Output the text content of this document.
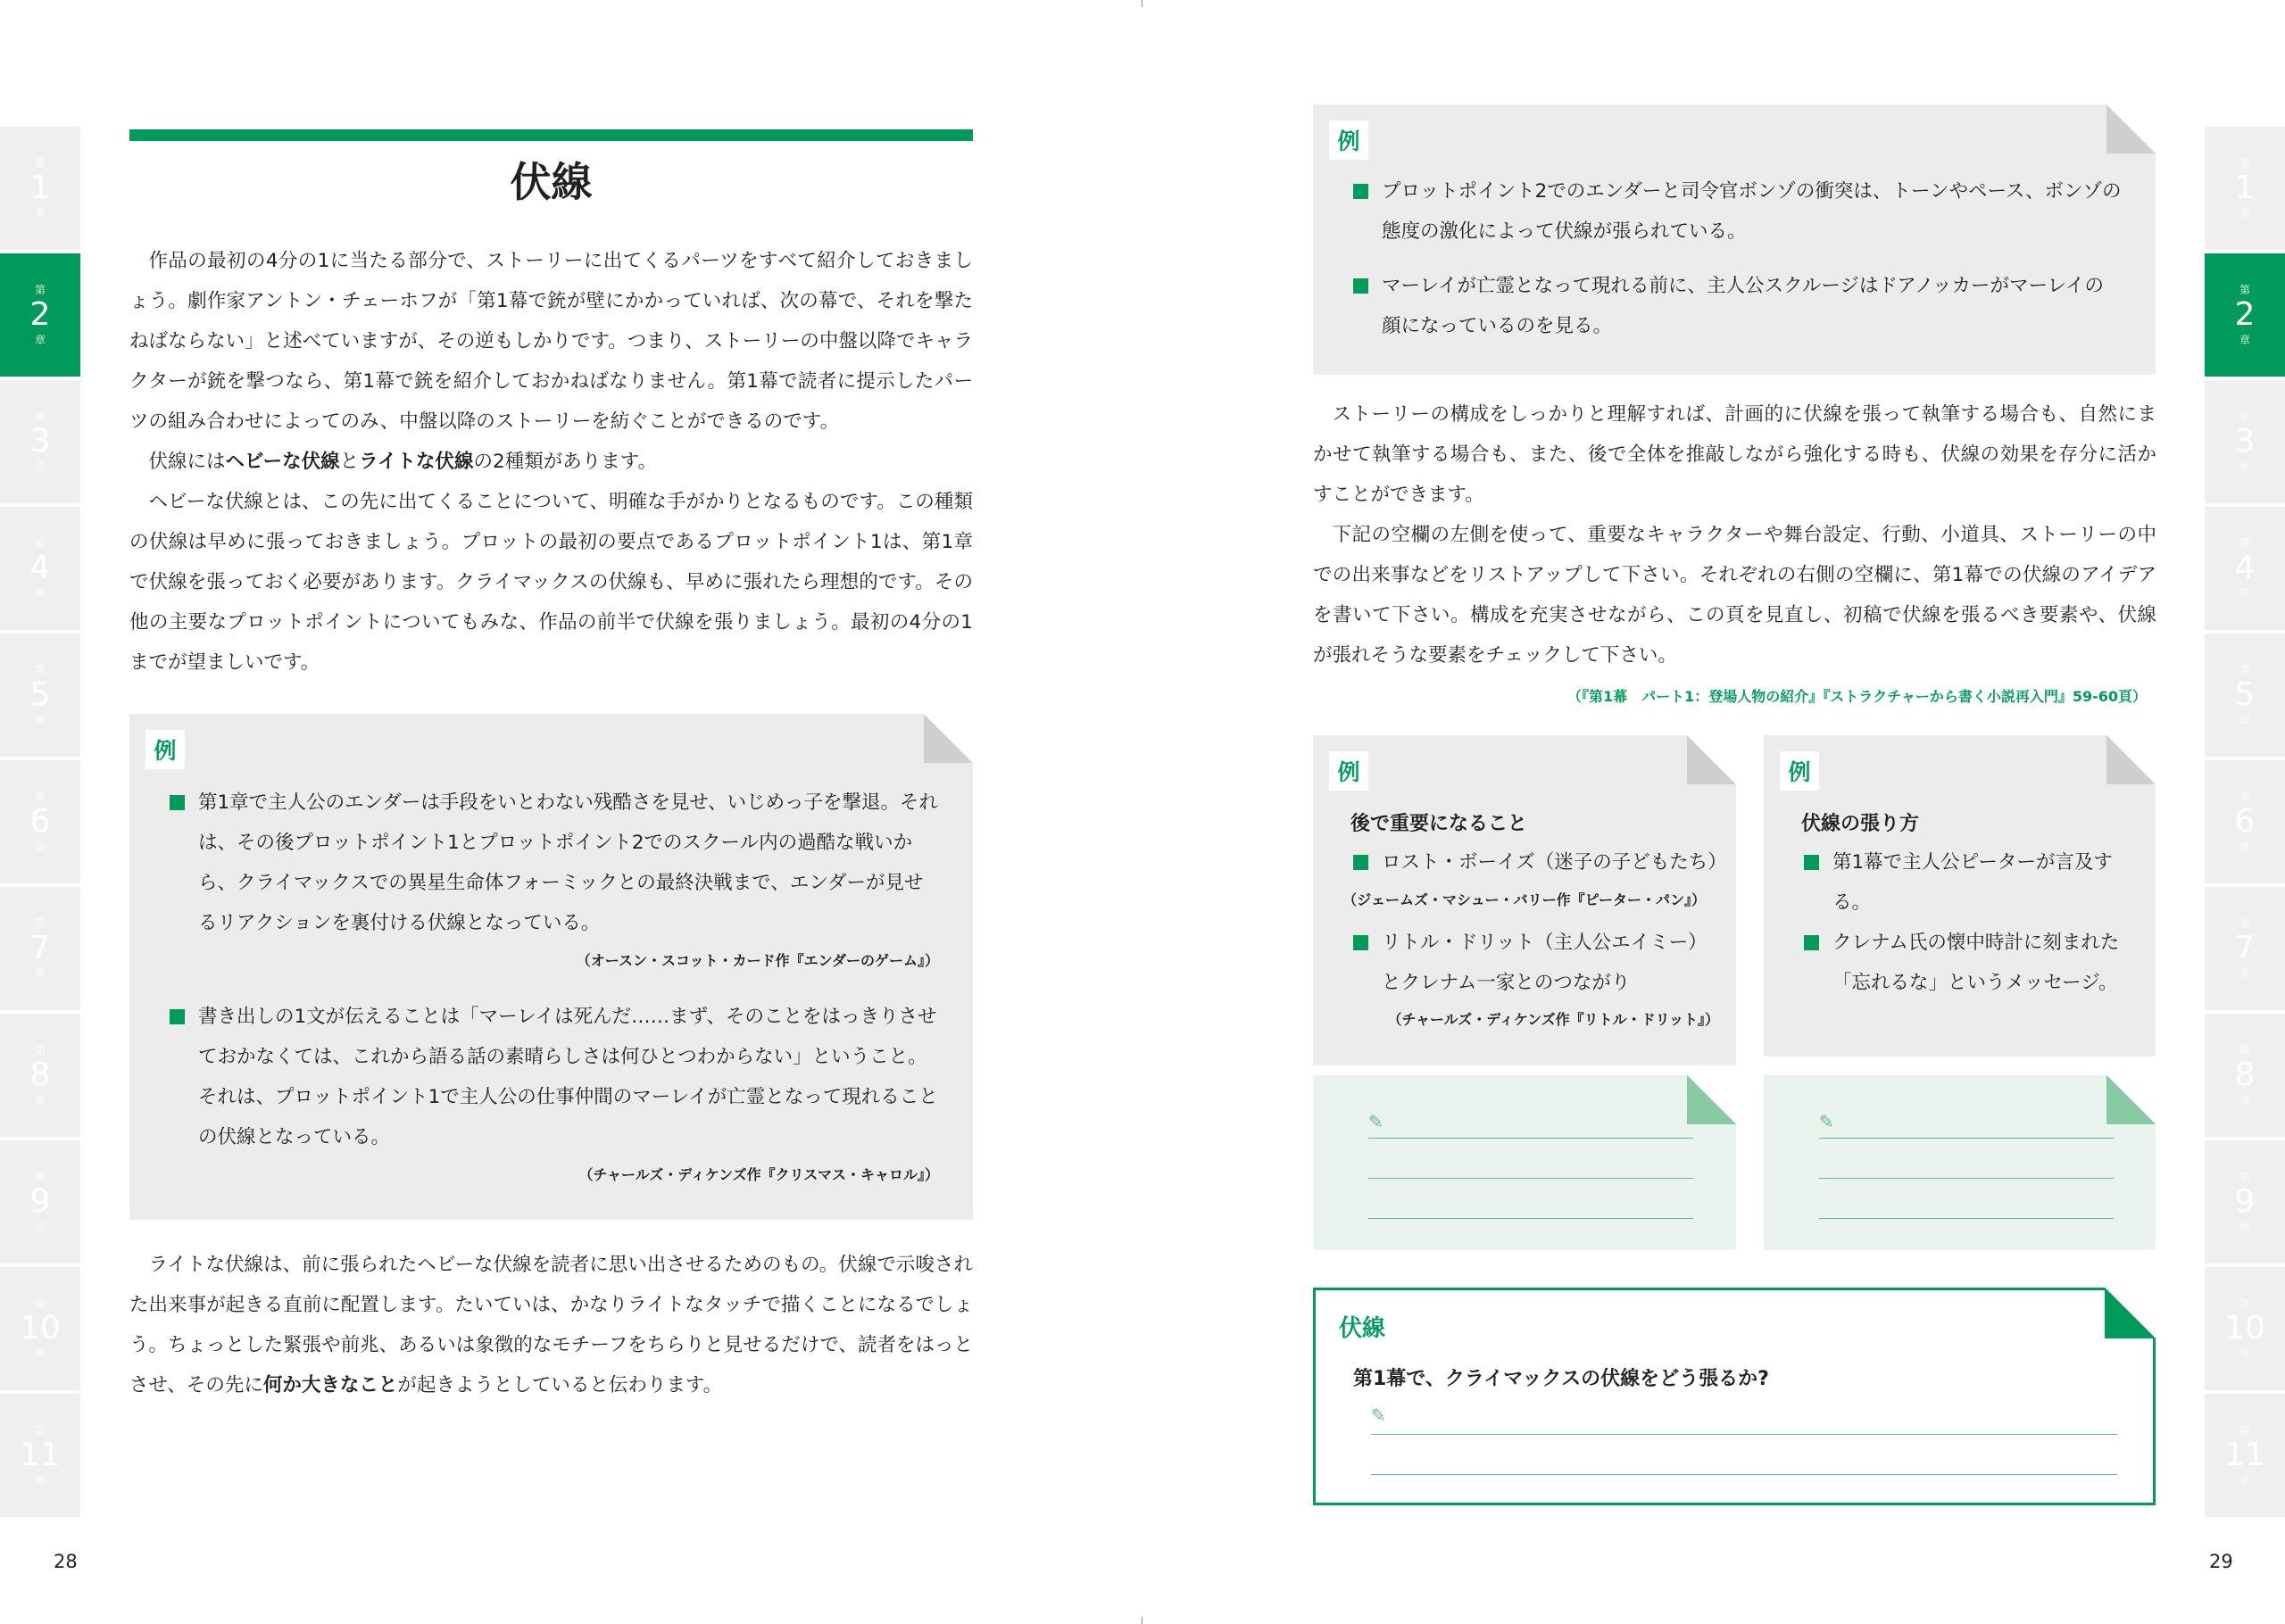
第
1
章
第
2
章
第
3
章
第
4
章
第
5
章
第
6
章
第
7
章
第
8
章
第
9
章
第
10
章
第
11
章
伏線

作品の最初の4分の1に当たる部分で、ストーリーに出てくるパーツをすべて紹介しておきましょう。劇作家アントン・チェーホフが「第1幕で銃が壁にかかっていれば、次の幕で、それを撃たねばならない」と述べていますが、その逆もしかりです。つまり、ストーリーの中盤以降でキャラクターが銃を撃つなら、第1幕で銃を紹介しておかねばなりません。第1幕で読者に提示したパーツの組み合わせによってのみ、中盤以降のストーリーを紡ぐことができるのです。

伏線にはヘビーな伏線とライトな伏線の2種類があります。

ヘビーな伏線とは、この先に出てくることについて、明確な手がかりとなるものです。この種類の伏線は早めに張っておきましょう。プロットの最初の要点であるプロットポイント1は、第1章で伏線を張っておく必要があります。クライマックスの伏線も、早めに張れたら理想的です。その他の主要なプロットポイントについてもみな、作品の前半で伏線を張りましょう。最初の4分の1までが望ましいです。

例
第1章で主人公のエンダーは手段をいとわない残酷さを見せ、いじめっ子を撃退。それは、その後プロットポイント1とプロットポイント2でのスクール内の過酷な戦いから、クライマックスでの異星生命体フォーミックとの最終決戦まで、エンダーが見せるリアクションを裏付ける伏線となっている。
（オースン・スコット・カード作『エンダーのゲーム』）
書き出しの1文が伝えることは「マーレイは死んだ……まず、そのことをはっきりさせておかなくては、これから語る話の素晴らしさは何ひとつわからない」ということ。それは、プロットポイント1で主人公の仕事仲間のマーレイが亡霊となって現れることの伏線となっている。
（チャールズ・ディケンズ作『クリスマス・キャロル』）

ライトな伏線は、前に張られたヘビーな伏線を読者に思い出させるためのもの。伏線で示唆された出来事が起きる直前に配置します。たいていは、かなりライトなタッチで描くことになるでしょう。ちょっとした緊張や前兆、あるいは象徴的なモチーフをちらりと見せるだけで、読者をはっとさせ、その先に何か大きなことが起きようとしていると伝わります。

28
第
1
章
第
2
章
第
3
章
第
4
章
第
5
章
第
6
章
第
7
章
第
8
章
第
9
章
第
10
章
第
11
章
例
プロットポイント2でのエンダーと司令官ボンゾの衝突は、トーンやペース、ボンゾの態度の激化によって伏線が張られている。
マーレイが亡霊となって現れる前に、主人公スクルージはドアノッカーがマーレイの顔になっているのを見る。

ストーリーの構成をしっかりと理解すれば、計画的に伏線を張って執筆する場合も、自然にまかせて執筆する場合も、また、後で全体を推敲しながら強化する時も、伏線の効果を存分に活かすことができます。

下記の空欄の左側を使って、重要なキャラクターや舞台設定、行動、小道具、ストーリーの中での出来事などをリストアップして下さい。それぞれの右側の空欄に、第1幕での伏線のアイデアを書いて下さい。構成を充実させながら、この頁を見直し、初稿で伏線を張るべき要素や、伏線が張れそうな要素をチェックして下さい。

（『第1幕　パート1：登場人物の紹介』『ストラクチャーから書く小説再入門』59-60頁）
例
後で重要になること
ロスト・ボーイズ（迷子の子どもたち）
（ジェームズ・マシュー・バリー作『ピーター・パン』）
リトル・ドリット（主人公エイミー）とクレナム一家とのつながり
（チャールズ・ディケンズ作『リトル・ドリット』）
例
伏線の張り方
第1幕で主人公ピーターが言及する。
クレナム氏の懐中時計に刻まれた「忘れるな」というメッセージ。
✎	✎
伏線
第1幕で、クライマックスの伏線をどう張るか?
✎
29
